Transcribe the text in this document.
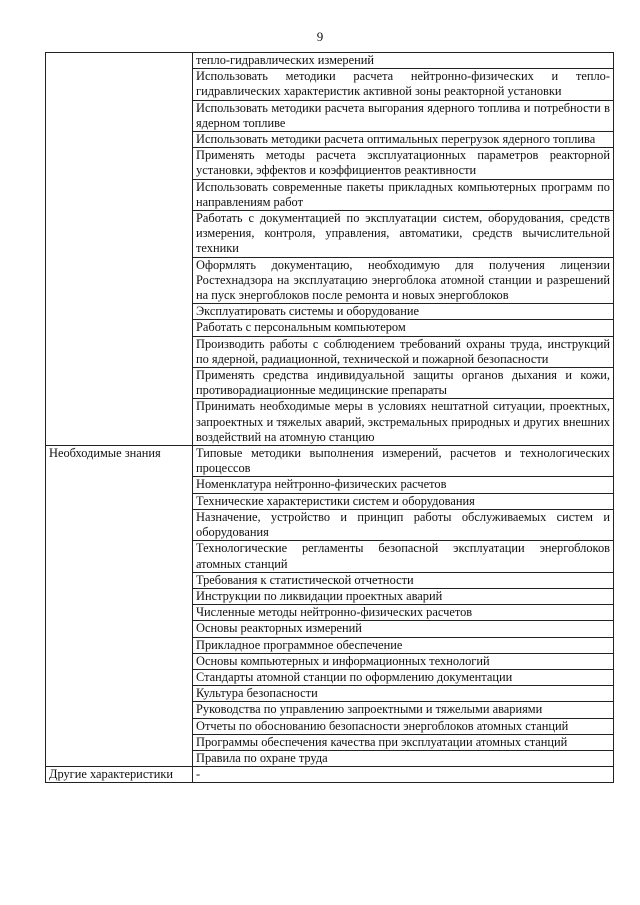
9
	тепло-гидравлических измерений
	Использовать методики расчета нейтронно-физических и тепло-гидравлических характеристик активной зоны реакторной установки
	Использовать методики расчета выгорания ядерного топлива и потребности в ядерном топливе
	Использовать методики расчета оптимальных перегрузок ядерного топлива
	Применять методы расчета эксплуатационных параметров реакторной установки, эффектов и коэффициентов реактивности
	Использовать современные пакеты прикладных компьютерных программ по направлениям работ
	Работать с документацией по эксплуатации систем, оборудования, средств измерения, контроля, управления, автоматики, средств вычислительной техники
	Оформлять документацию, необходимую для получения лицензии Ростехнадзора на эксплуатацию энергоблока атомной станции и разрешений на пуск энергоблоков после ремонта и новых энергоблоков
	Эксплуатировать системы и оборудование
	Работать с персональным компьютером
	Производить работы с соблюдением требований охраны труда, инструкций по ядерной, радиационной, технической и пожарной безопасности
	Применять средства индивидуальной защиты органов дыхания и кожи, противорадиационные медицинские препараты
	Принимать необходимые меры в условиях нештатной ситуации, проектных, запроектных и тяжелых аварий, экстремальных природных и других внешних воздействий на атомную станцию
Необходимые знания	Типовые методики выполнения измерений, расчетов и технологических процессов
	Номенклатура нейтронно-физических расчетов
	Технические характеристики систем и оборудования
	Назначение, устройство и принцип работы обслуживаемых систем и оборудования
	Технологические регламенты безопасной эксплуатации энергоблоков атомных станций
	Требования к статистической отчетности
	Инструкции по ликвидации проектных аварий
	Численные методы нейтронно-физических расчетов
	Основы реакторных измерений
	Прикладное программное обеспечение
	Основы компьютерных и информационных технологий
	Стандарты атомной станции по оформлению документации
	Культура безопасности
	Руководства по управлению запроектными и тяжелыми авариями
	Отчеты по обоснованию безопасности энергоблоков атомных станций
	Программы обеспечения качества при эксплуатации атомных станций
	Правила по охране труда
Другие характеристики	-
